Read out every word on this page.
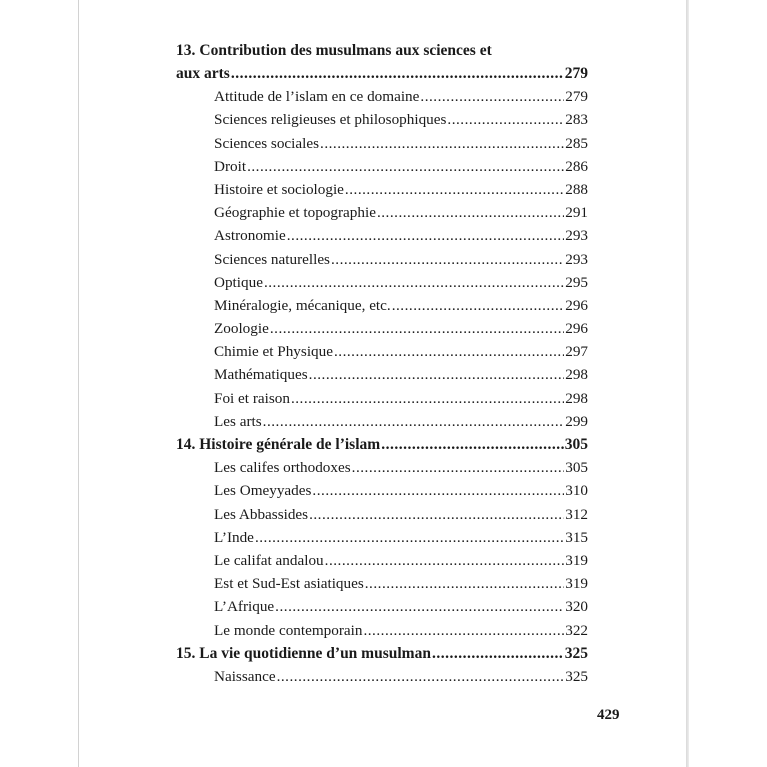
13. Contribution des musulmans aux sciences et
aux arts .....	279
Attitude de l’islam en ce domaine .....	279
Sciences religieuses et philosophiques .....	283
Sciences sociales .....	285
Droit .....	286
Histoire et sociologie .....	288
Géographie et topographie .....	291
Astronomie .....	293
Sciences naturelles .....	293
Optique .....	295
Minéralogie, mécanique, etc. .....	296
Zoologie .....	296
Chimie et Physique .....	297
Mathématiques .....	298
Foi et raison .....	298
Les arts .....	299
14. Histoire générale de l’islam .....	305
Les califes orthodoxes .....	305
Les Omeyyades .....	310
Les Abbassides .....	312
L’Inde .....	315
Le califat andalou .....	319
Est et Sud-Est asiatiques .....	319
L’Afrique .....	320
Le monde contemporain .....	322
15. La vie quotidienne d’un musulman .....	325
Naissance .....	325
429
